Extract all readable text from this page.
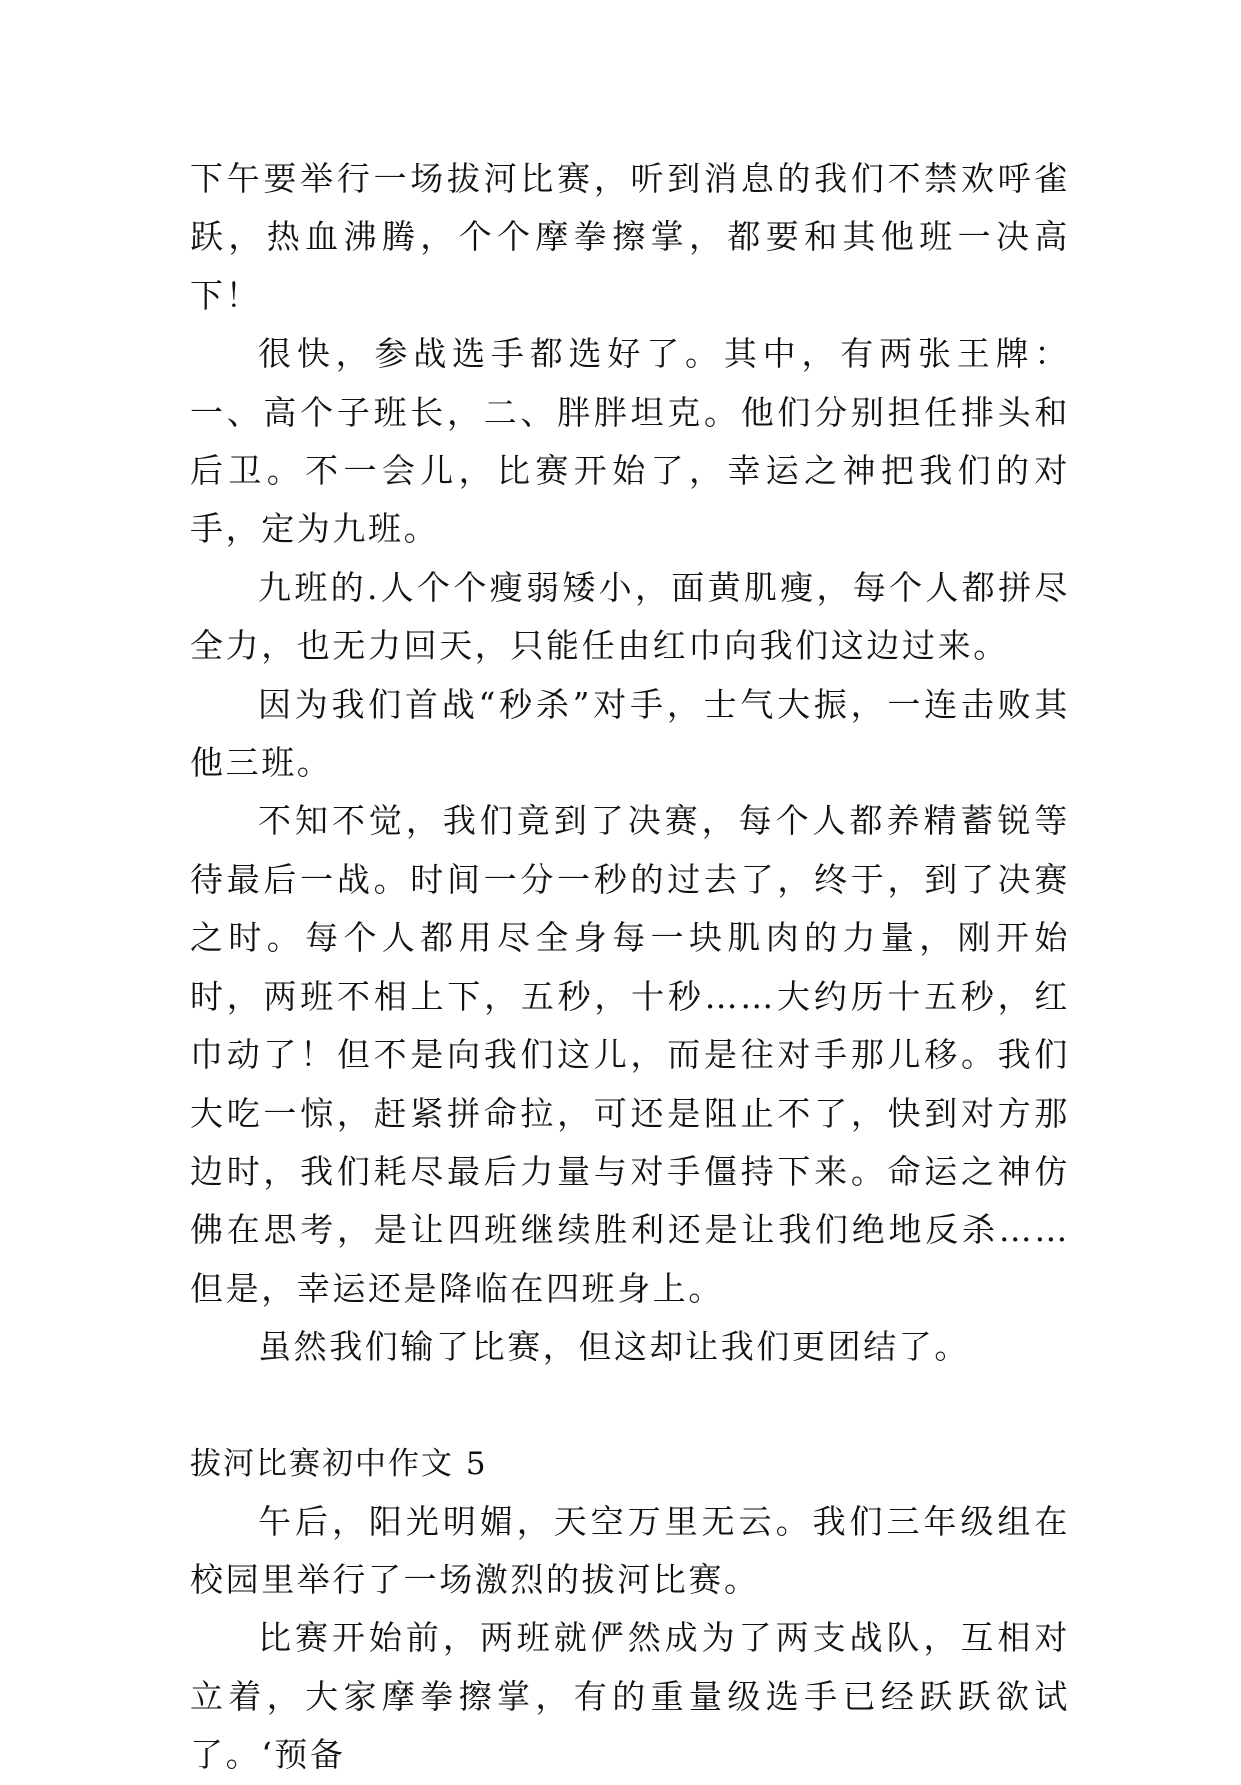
下午要举行一场拔河比赛，听到消息的我们不禁欢呼雀跃，热血沸腾，个个摩拳擦掌，都要和其他班一决高下！

很快，参战选手都选好了。其中，有两张王牌：一、高个子班长，二、胖胖坦克。他们分别担任排头和后卫。不一会儿，比赛开始了，幸运之神把我们的对手，定为九班。

九班的.人个个瘦弱矮小，面黄肌瘦，每个人都拼尽全力，也无力回天，只能任由红巾向我们这边过来。

因为我们首战“秒杀”对手，士气大振，一连击败其他三班。

不知不觉，我们竟到了决赛，每个人都养精蓄锐等待最后一战。时间一分一秒的过去了，终于，到了决赛之时。每个人都用尽全身每一块肌肉的力量，刚开始时，两班不相上下，五秒，十秒……大约历十五秒，红巾动了！但不是向我们这儿，而是往对手那儿移。我们大吃一惊，赶紧拼命拉，可还是阻止不了，快到对方那边时，我们耗尽最后力量与对手僵持下来。命运之神仿佛在思考，是让四班继续胜利还是让我们绝地反杀……但是，幸运还是降临在四班身上。

虽然我们输了比赛，但这却让我们更团结了。

拔河比赛初中作文 5

午后，阳光明媚，天空万里无云。我们三年级组在校园里举行了一场激烈的拔河比赛。

比赛开始前，两班就俨然成为了两支战队，互相对立着，大家摩拳擦掌，有的重量级选手已经跃跃欲试了。‘预备
